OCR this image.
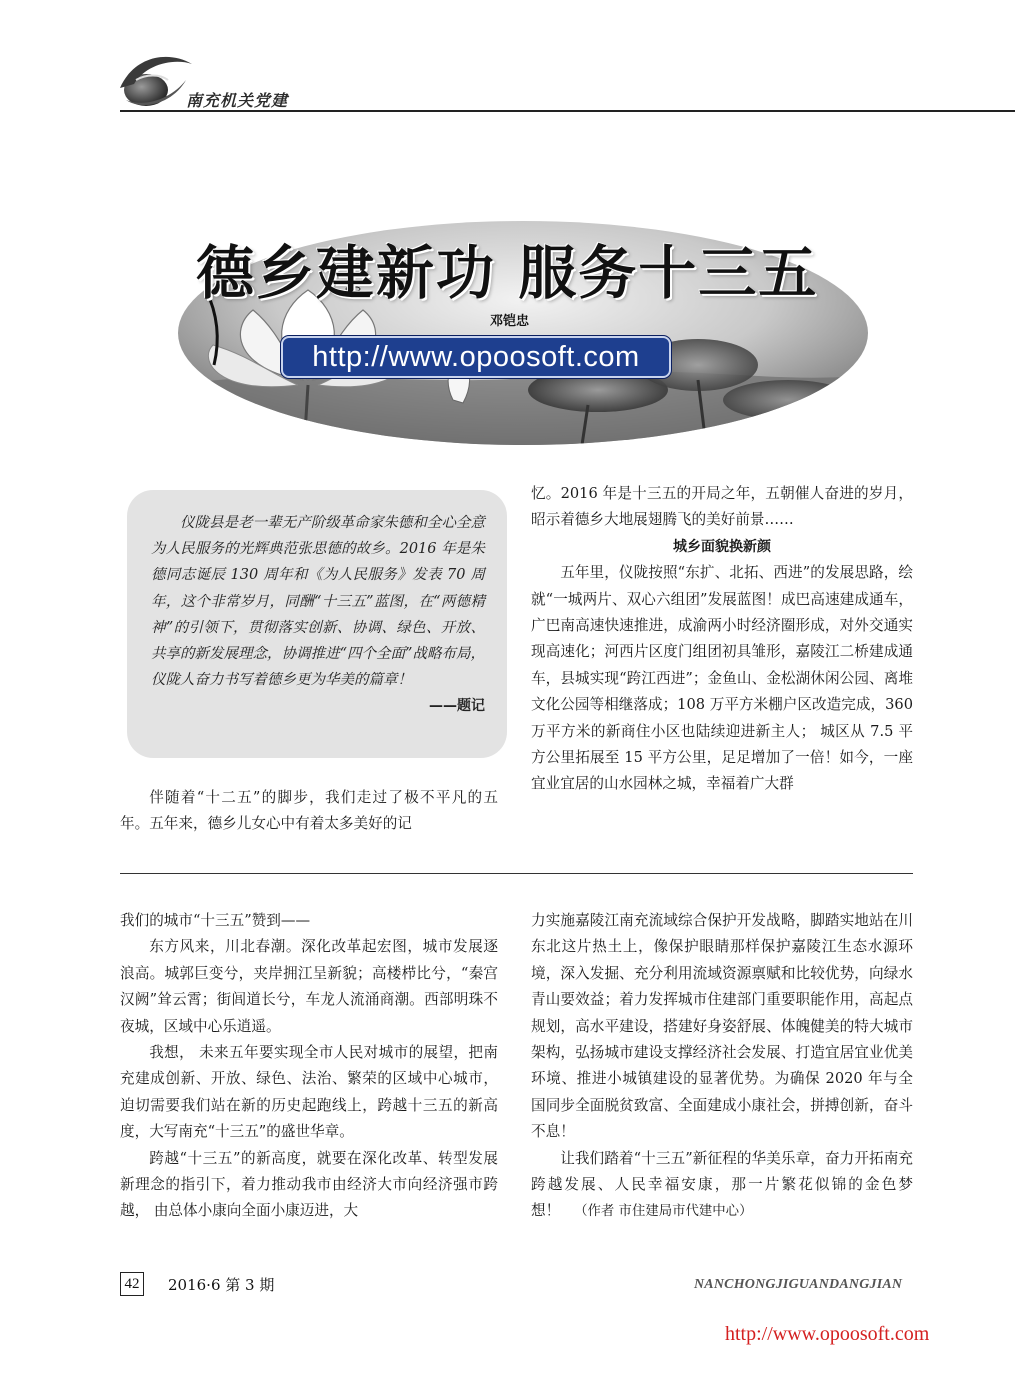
南充机关党建
德乡建新功 服务十三五
邓铠忠
http://www.opoosoft.com

仪陇县是老一辈无产阶级革命家朱德和全心全意为人民服务的光辉典范张思德的故乡。2016 年是朱德同志诞辰 130 周年和《为人民服务》发表 70 周年，这个非常岁月，同酬“十三五”蓝图，在“两德精神”的引领下，贯彻落实创新、协调、绿色、开放、共享的新发展理念，协调推进“四个全面”战略布局，仪陇人奋力书写着德乡更为华美的篇章！

——题记

伴随着“十二五”的脚步，我们走过了极不平凡的五年。五年来，德乡儿女心中有着太多美好的记

忆。2016 年是十三五的开局之年，五朝催人奋进的岁月，昭示着德乡大地展翅腾飞的美好前景……

城乡面貌换新颜

五年里，仪陇按照“东扩、北拓、西进”的发展思路，绘就“一城两片、双心六组团”发展蓝图！成巴高速建成通车，广巴南高速快速推进，成渝两小时经济圈形成，对外交通实现高速化；河西片区度门组团初具雏形，嘉陵江二桥建成通车，县城实现“跨江西进”；金鱼山、金松湖休闲公园、离堆文化公园等相继落成；108 万平方米棚户区改造完成，360 万平方米的新商住小区也陆续迎进新主人； 城区从 7.5 平方公里拓展至 15 平方公里，足足增加了一倍！如今，一座宜业宜居的山水园林之城，幸福着广大群

我们的城市“十三五”赞到——

东方风来，川北春潮。深化改革起宏图，城市发展逐浪高。城郭巨变兮，夹岸拥江呈新貌；高楼栉比兮，“秦宫汉阙”耸云霄；街闾道长兮，车龙人流涌商潮。西部明珠不夜城，区域中心乐逍遥。

我想， 未来五年要实现全市人民对城市的展望，把南充建成创新、开放、绿色、法治、繁荣的区域中心城市， 迫切需要我们站在新的历史起跑线上，跨越十三五的新高度，大写南充“十三五”的盛世华章。

跨越“十三五”的新高度，就要在深化改革、转型发展新理念的指引下，着力推动我市由经济大市向经济强市跨越， 由总体小康向全面小康迈进，大

力实施嘉陵江南充流域综合保护开发战略，脚踏实地站在川东北这片热土上，像保护眼睛那样保护嘉陵江生态水源环境，深入发掘、充分利用流域资源禀赋和比较优势，向绿水青山要效益；着力发挥城市住建部门重要职能作用，高起点规划，高水平建设，搭建好身姿舒展、体魄健美的特大城市架构，弘扬城市建设支撑经济社会发展、打造宜居宜业优美环境、推进小城镇建设的显著优势。为确保 2020 年与全国同步全面脱贫致富、全面建成小康社会，拼搏创新，奋斗不息！

让我们踏着“十三五”新征程的华美乐章，奋力开拓南充跨越发展、人民幸福安康，那一片繁花似锦的金色梦想！ （作者 市住建局市代建中心）

42	2016·6 第 3 期	NANCHONGJIGUANDANGJIAN
http://www.opoosoft.com
